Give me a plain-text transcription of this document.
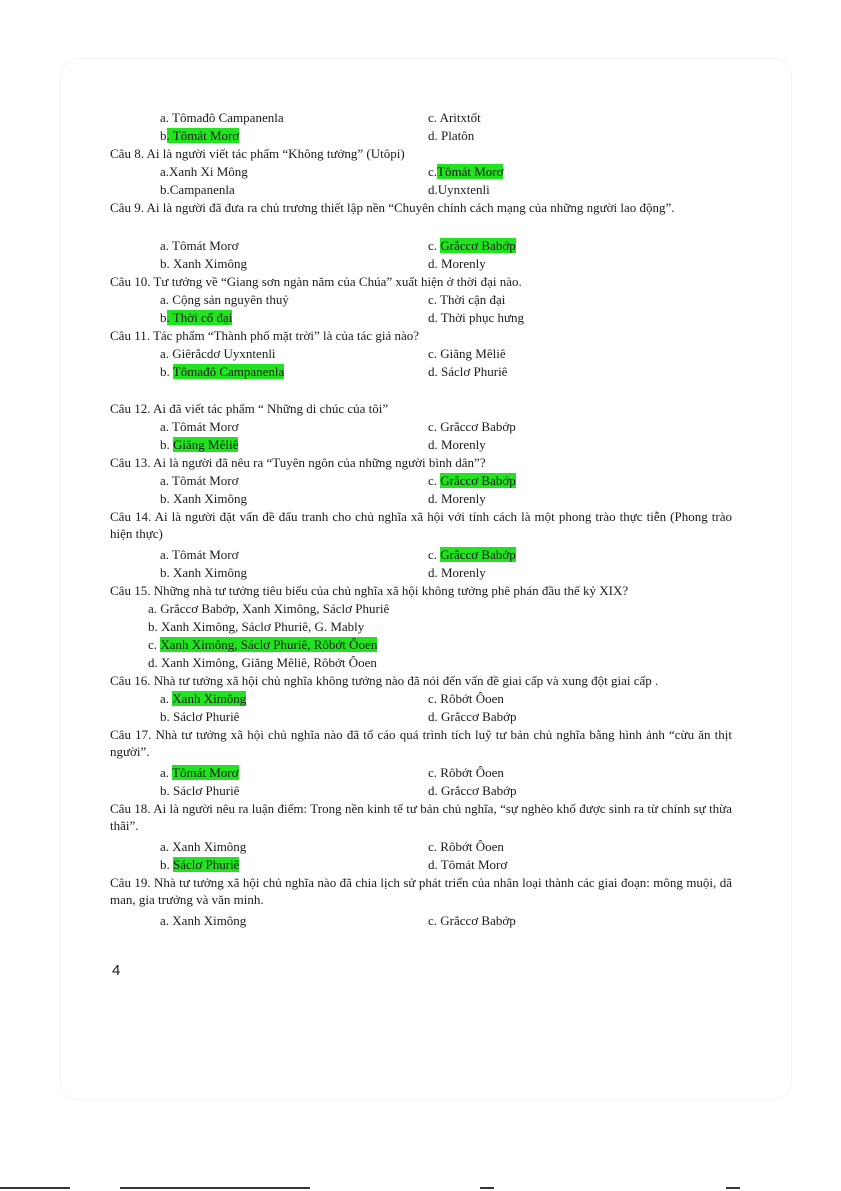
a. Tômađô Campanenla	c. Aritxtốt
b. Tômát Morơ	d. Platôn
Câu 8. Ai là người viết tác phẩm “Không tưởng” (Utôpi)
a.Xanh Xi Mông	c.Tômát Morơ
b.Campanenla	d.Uynxtenli
Câu 9. Ai là người đã đưa ra chủ trương thiết lập nền “Chuyên chính cách mạng của những người lao động”.
a. Tômát Morơ	c. Grắccơ Babớp
b. Xanh Ximông	d. Morenly
Câu 10. Tư tưởng về “Giang sơn ngàn năm của Chúa” xuất hiện ở thời đại nào.
a. Cộng sản nguyên thuỷ	c. Thời cận đại
b. Thời cổ đại	d. Thời phục hưng
Câu 11. Tác phẩm “Thành phố mặt trời” là của tác giả nào?
a. Giêrắcdơ Uyxntenli	c. Giăng Mêliê
b. Tômađô Campanenla	d. Sáclơ Phuriê
Câu 12. Ai đã viết tác phẩm “ Những di chúc của tôi”
a. Tômát Morơ	c. Grắccơ Babớp
b. Giăng Mêliê	d. Morenly
Câu 13. Ai là người đã nêu ra “Tuyên ngôn của những người bình dân”?
a. Tômát Morơ	c. Grắccơ Babớp
b. Xanh Ximông	d. Morenly
Câu 14. Ai là người đặt vấn đề đấu tranh cho chủ nghĩa xã hội với tính cách là một phong trào thực tiễn (Phong trào hiện thực)
a. Tômát Morơ	c. Grắccơ Babớp
b. Xanh Ximông	d. Morenly
Câu 15. Những nhà tư tưởng tiêu biểu của chủ nghĩa xã hội không tưởng phê phán đầu thế kỷ XIX?
a. Grắccơ Babớp, Xanh Ximông, Sáclơ Phuriê
b. Xanh Ximông, Sáclơ Phuriê, G. Mably
c. Xanh Ximông, Sáclơ Phuriê, Rôbớt Ôoen
d. Xanh Ximông, Giăng Mêliê, Rôbớt Ôoen
Câu 16. Nhà tư tưởng xã hội chủ nghĩa không tưởng nào đã nói đến vấn đề giai cấp và xung đột giai cấp .
a. Xanh Ximông	c. Rôbớt Ôoen
b. Sáclơ Phuriê	d. Grắccơ Babớp
Câu 17. Nhà tư tưởng xã hội chủ nghĩa nào đã tố cáo quá trình tích luỹ tư bản chủ nghĩa bằng hình ảnh “cừu ăn thịt người”.
a. Tômát Morơ	c. Rôbớt Ôoen
b. Sáclơ Phuriê	d. Grắccơ Babớp
Câu 18. Ai là người nêu ra luận điểm: Trong nền kinh tế tư bản chủ nghĩa, “sự nghèo khổ được sinh ra từ chính sự thừa thãi”.
a. Xanh Ximông	c. Rôbớt Ôoen
b. Sáclơ Phuriê	d. Tômát Morơ
Câu 19. Nhà tư tưởng xã hội chủ nghĩa nào đã chia lịch sử phát triển của nhân loại thành các giai đoạn: mông muội, dã man, gia trưởng và văn minh.
a. Xanh Ximông	c. Grắccơ Babớp
4
